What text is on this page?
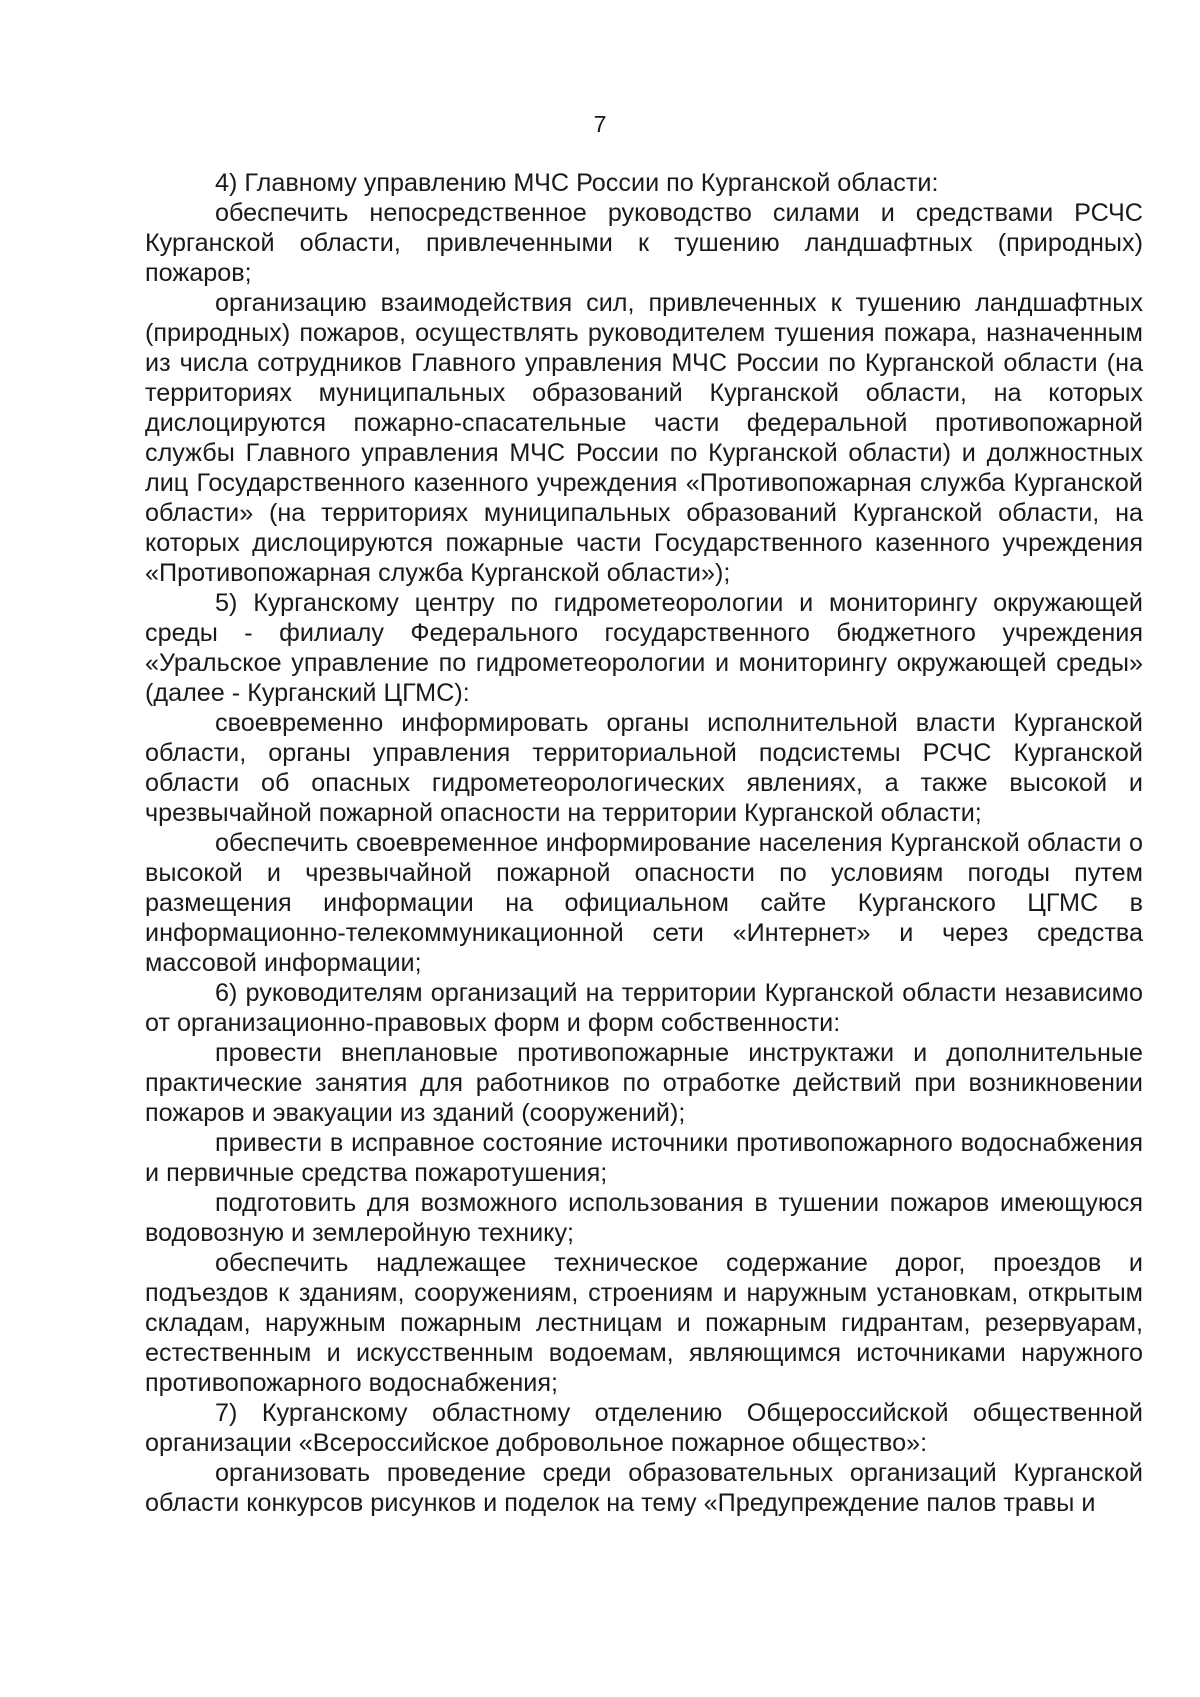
7

4) Главному управлению МЧС России по Курганской области:

обеспечить непосредственное руководство силами и средствами РСЧС Курганской области, привлеченными к тушению ландшафтных (природных) пожаров;

организацию взаимодействия сил, привлеченных к тушению ландшафтных (природных) пожаров, осуществлять руководителем тушения пожара, назначенным из числа сотрудников Главного управления МЧС России по Курганской области (на территориях муниципальных образований Курганской области, на которых дислоцируются пожарно-спасательные части федеральной противопожарной службы Главного управления МЧС России по Курганской области) и должностных лиц Государственного казенного учреждения «Противопожарная служба Курганской области» (на территориях муниципальных образований Курганской области, на которых дислоцируются пожарные части Государственного казенного учреждения «Противопожарная служба Курганской области»);

5) Курганскому центру по гидрометеорологии и мониторингу окружающей среды - филиалу Федерального государственного бюджетного учреждения «Уральское управление по гидрометеорологии и мониторингу окружающей среды» (далее - Курганский ЦГМС):

своевременно информировать органы исполнительной власти Курганской области, органы управления территориальной подсистемы РСЧС Курганской области об опасных гидрометеорологических явлениях, а также высокой и чрезвычайной пожарной опасности на территории Курганской области;

обеспечить своевременное информирование населения Курганской области о высокой и чрезвычайной пожарной опасности по условиям погоды путем размещения информации на официальном сайте Курганского ЦГМС в информационно-телекоммуникационной сети «Интернет» и через средства массовой информации;

6) руководителям организаций на территории Курганской области независимо от организационно-правовых форм и форм собственности:

провести внеплановые противопожарные инструктажи и дополнительные практические занятия для работников по отработке действий при возникновении пожаров и эвакуации из зданий (сооружений);

привести в исправное состояние источники противопожарного водоснабжения и первичные средства пожаротушения;

подготовить для возможного использования в тушении пожаров имеющуюся водовозную и землеройную технику;

обеспечить надлежащее техническое содержание дорог, проездов и подъездов к зданиям, сооружениям, строениям и наружным установкам, открытым складам, наружным пожарным лестницам и пожарным гидрантам, резервуарам, естественным и искусственным водоемам, являющимся источниками наружного противопожарного водоснабжения;

7) Курганскому областному отделению Общероссийской общественной организации «Всероссийское добровольное пожарное общество»:

организовать проведение среди образовательных организаций Курганской области конкурсов рисунков и поделок на тему «Предупреждение палов травы и
